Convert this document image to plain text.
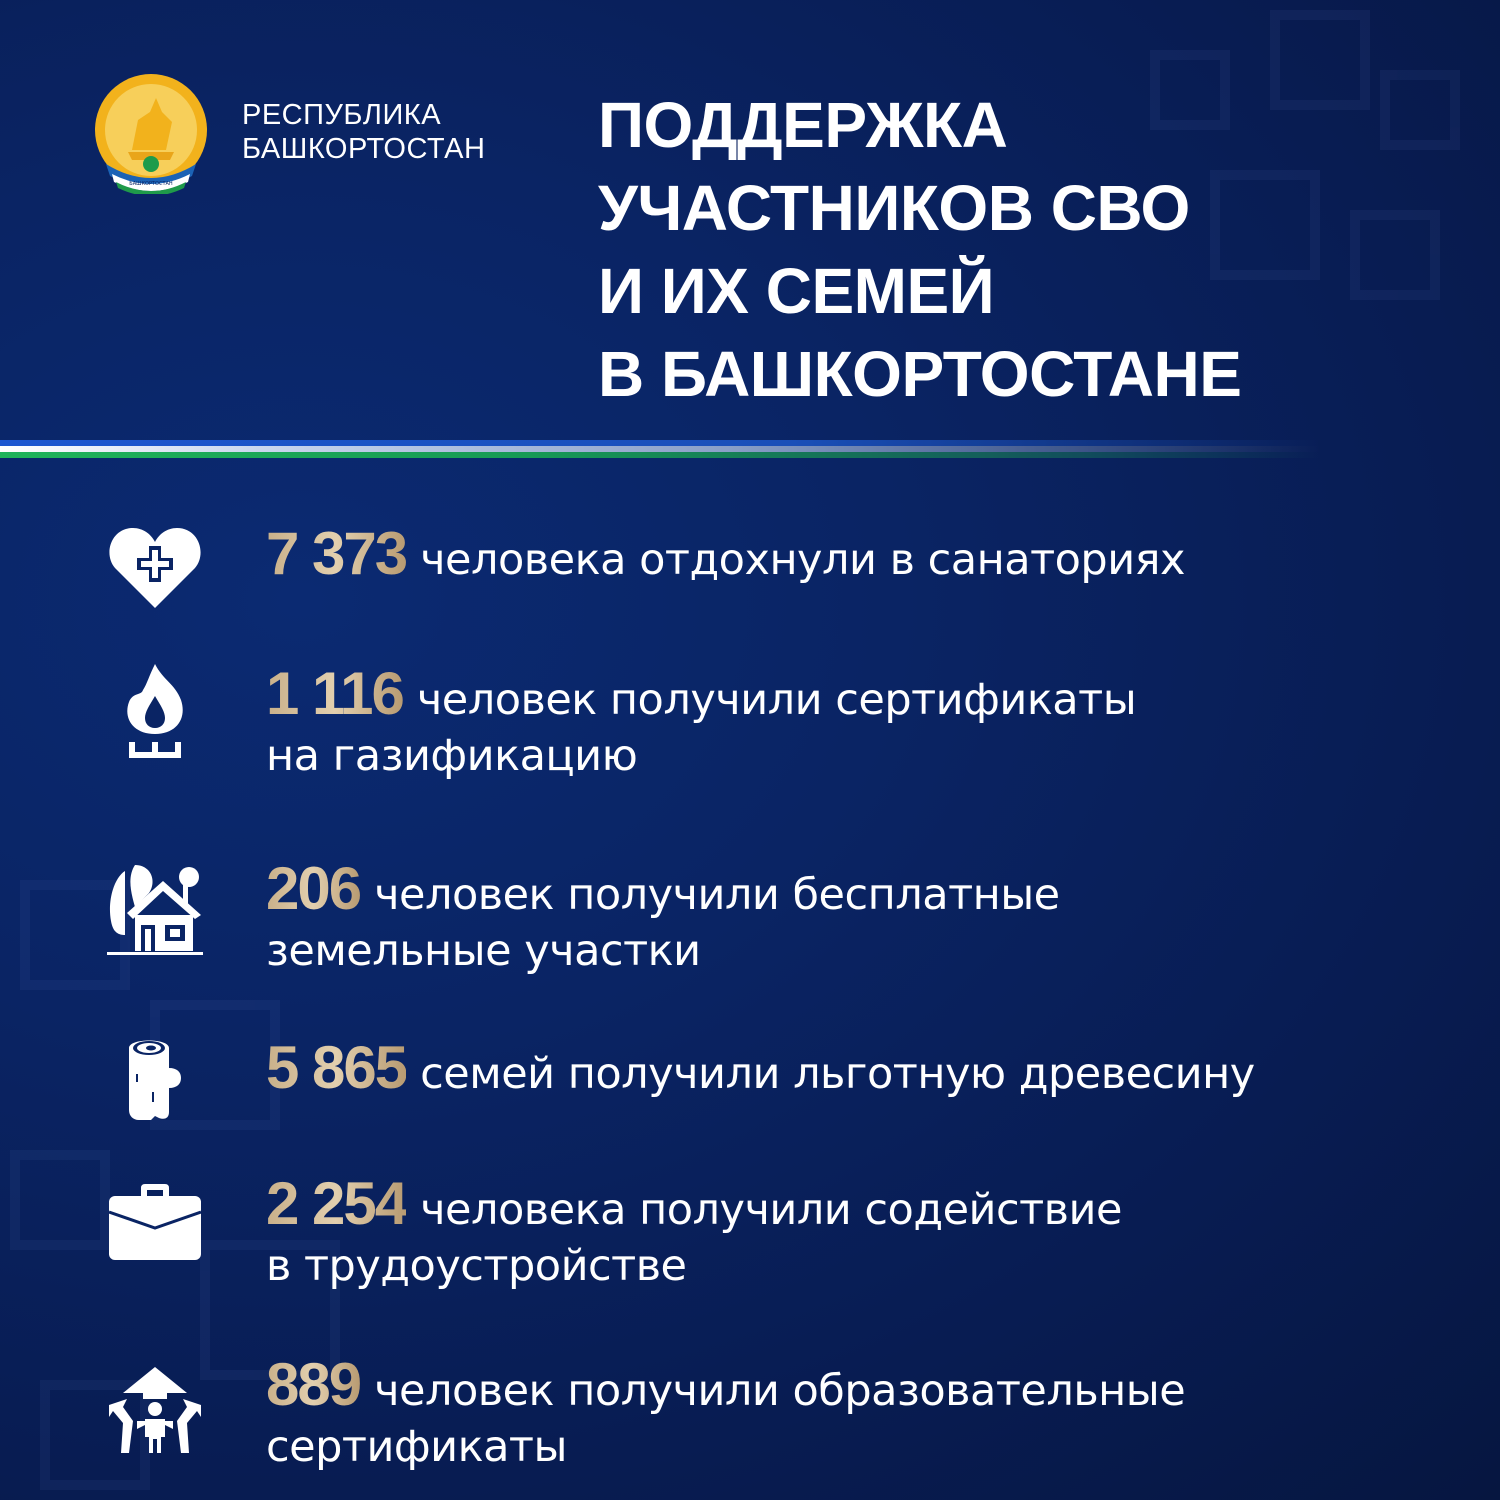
БАШКОРТОСТАН
РЕСПУБЛИКА
БАШКОРТОСТАН ПОДДЕРЖКА
УЧАСТНИКОВ СВО
И ИХ СЕМЕЙ
В БАШКОРТОСТАНЕ
7 373 человека отдохнули в санаториях
1 116 человек получили сертификаты
на газификацию
206 человек получили бесплатные
земельные участки
5 865 семей получили льготную древесину
2 254 человека получили содействие
в трудоустройстве
889 человек получили образовательные
сертификаты
